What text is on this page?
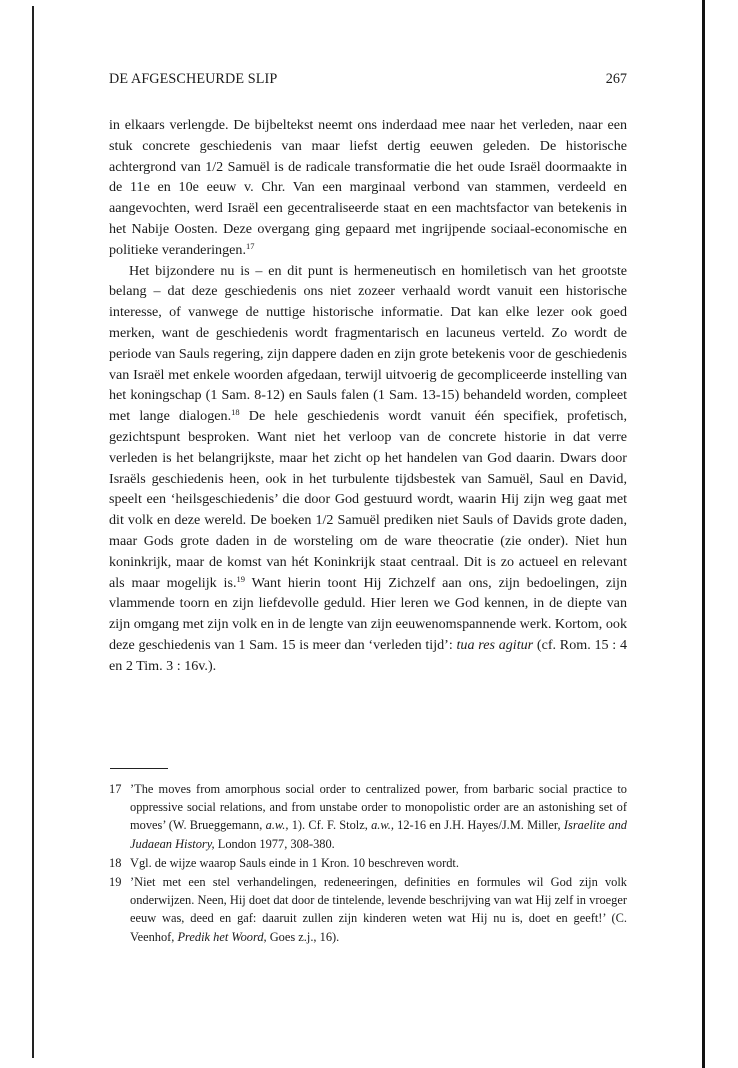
DE AFGESCHEURDE SLIP	267

in elkaars verlengde. De bijbeltekst neemt ons inderdaad mee naar het verleden, naar een stuk concrete geschiedenis van maar liefst dertig eeuwen geleden. De historische achtergrond van 1/2 Samuël is de radicale transformatie die het oude Israël doormaakte in de 11e en 10e eeuw v. Chr. Van een marginaal verbond van stammen, verdeeld en aangevochten, werd Israël een gecentraliseerde staat en een machtsfactor van betekenis in het Nabije Oosten. Deze overgang ging gepaard met ingrijpende sociaal-economische en politieke veranderingen.$^{17}$

Het bijzondere nu is – en dit punt is hermeneutisch en homiletisch van het grootste belang – dat deze geschiedenis ons niet zozeer verhaald wordt vanuit een historische interesse, of vanwege de nuttige historische informatie. Dat kan elke lezer ook goed merken, want de geschiedenis wordt fragmentarisch en lacuneus verteld. Zo wordt de periode van Sauls regering, zijn dappere daden en zijn grote betekenis voor de geschiedenis van Israël met enkele woorden afgedaan, terwijl uitvoerig de gecompliceerde instelling van het koningschap (1 Sam. 8-12) en Sauls falen (1 Sam. 13-15) behandeld worden, compleet met lange dialogen.$^{18}$ De hele geschiedenis wordt vanuit één specifiek, profetisch, gezichtspunt besproken. Want niet het verloop van de concrete historie in dat verre verleden is het belangrijkste, maar het zicht op het handelen van God daarin. Dwars door Israëls geschiedenis heen, ook in het turbulente tijdsbestek van Samuël, Saul en David, speelt een ‘heilsgeschiedenis’ die door God gestuurd wordt, waarin Hij zijn weg gaat met dit volk en deze wereld. De boeken 1/2 Samuël prediken niet Sauls of Davids grote daden, maar Gods grote daden in de worsteling om de ware theocratie (zie onder). Niet hun koninkrijk, maar de komst van hét Koninkrijk staat centraal. Dit is zo actueel en relevant als maar mogelijk is.$^{19}$ Want hierin toont Hij Zichzelf aan ons, zijn bedoelingen, zijn vlammende toorn en zijn liefdevolle geduld. Hier leren we God kennen, in de diepte van zijn omgang met zijn volk en in de lengte van zijn eeuwenomspannende werk. Kortom, ook deze geschiedenis van 1 Sam. 15 is meer dan ‘verleden tijd’: tua res agitur (cf. Rom. 15 : 4 en 2 Tim. 3 : 16v.).

17 ’The moves from amorphous social order to centralized power, from barbaric social practice to oppressive social relations, and from unstabe order to monopolistic order are an astonishing set of moves’ (W. Brueggemann, a.w., 1). Cf. F. Stolz, a.w., 12-16 en J.H. Hayes/J.M. Miller, Israelite and Judaean History, London 1977, 308-380.
18 Vgl. de wijze waarop Sauls einde in 1 Kron. 10 beschreven wordt.
19 ’Niet met een stel verhandelingen, redeneeringen, definities en formules wil God zijn volk onderwijzen. Neen, Hij doet dat door de tintelende, levende beschrijving van wat Hij zelf in vroeger eeuw was, deed en gaf: daaruit zullen zijn kinderen weten wat Hij nu is, doet en geeft!’ (C. Veenhof, Predik het Woord, Goes z.j., 16).
